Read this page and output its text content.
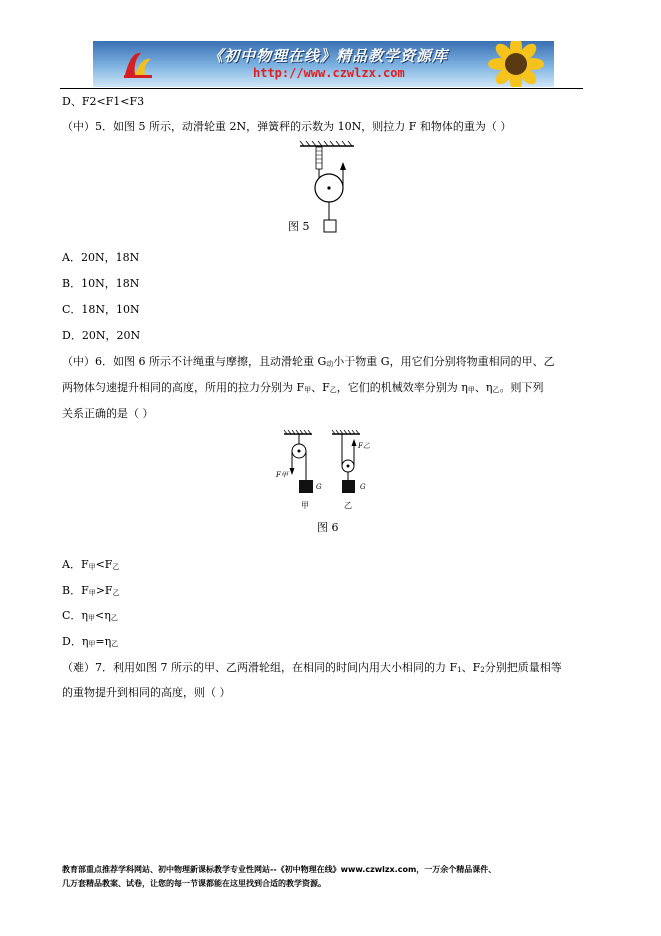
《初中物理在线》精品教学资源库
http://www.czwlzx.com
D、F2<F1<F3
（中）5．如图 5 所示，动滑轮重 2N，弹簧秤的示数为 10N，则拉力 F 和物体的重为（ ）
图 5
A．20N，18N
B．10N，18N
C．18N，10N
D．20N，20N
（中）6．如图 6 所示不计绳重与摩擦，且动滑轮重 G动小于物重 G，用它们分别将物重相同的甲、乙
两物体匀速提升相同的高度，所用的拉力分别为 F甲、F乙，它们的机械效率分别为 η甲、η乙。则下列
关系正确的是（ ）
F甲
G
甲
F乙
G
乙
图 6
A．F甲<F乙
B．F甲>F乙
C．η甲<η乙
D．η甲=η乙
（难）7．利用如图 7 所示的甲、乙两滑轮组，在相同的时间内用大小相同的力 F1、F2分别把质量相等
的重物提升到相同的高度，则（ ）
教育部重点推荐学科网站、初中物理新课标教学专业性网站--《初中物理在线》www.czwlzx.com，一万余个精品课件、
几万套精品教案、试卷，让您的每一节课都能在这里找到合适的教学资源。
